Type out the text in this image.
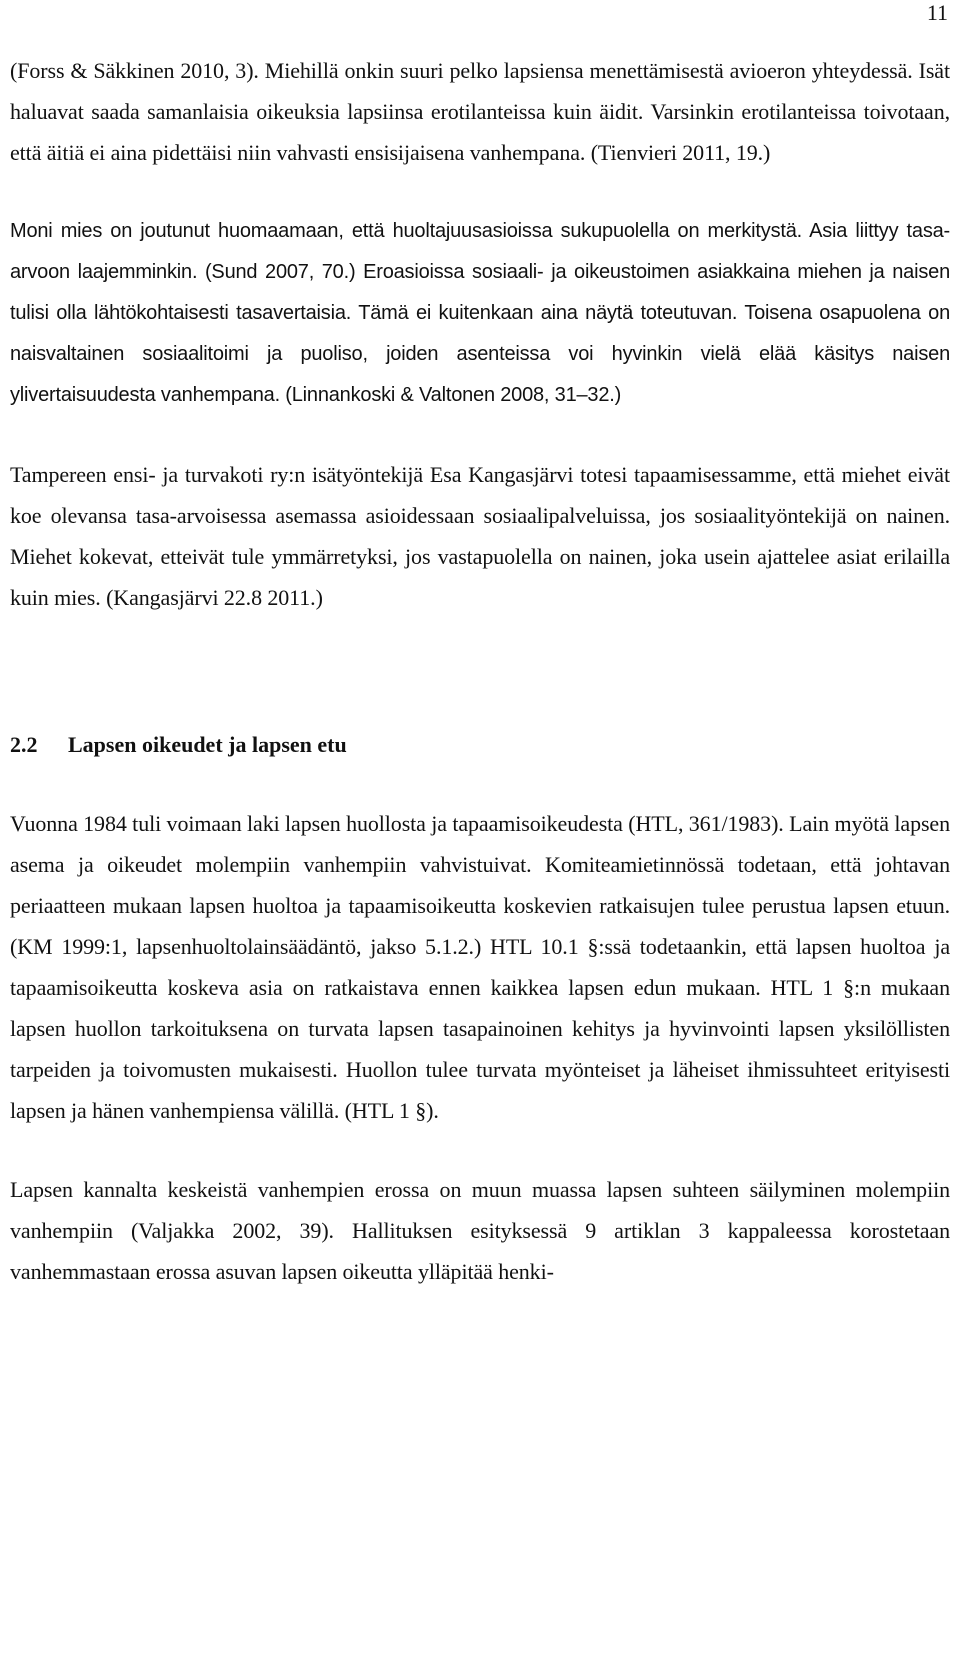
11

(Forss & Säkkinen 2010, 3). Miehillä onkin suuri pelko lapsiensa menettämisestä avioeron yhteydessä. Isät haluavat saada samanlaisia oikeuksia lapsiinsa erotilanteissa kuin äidit. Varsinkin erotilanteissa toivotaan, että äitiä ei aina pidettäisi niin vahvasti ensisijaisena vanhempana. (Tienvieri 2011, 19.)

Moni mies on joutunut huomaamaan, että huoltajuusasioissa sukupuolella on merkitystä. Asia liittyy tasa-arvoon laajemminkin. (Sund 2007, 70.) Eroasioissa sosiaali- ja oikeustoimen asiakkaina miehen ja naisen tulisi olla lähtökohtaisesti tasavertaisia. Tämä ei kuitenkaan aina näytä toteutuvan. Toisena osapuolena on naisvaltainen sosiaalitoimi ja puoliso, joiden asenteissa voi hyvinkin vielä elää käsitys naisen ylivertaisuudesta vanhempana. (Linnankoski & Valtonen 2008, 31–32.)

Tampereen ensi- ja turvakoti ry:n isätyöntekijä Esa Kangasjärvi totesi tapaamisessamme, että miehet eivät koe olevansa tasa-arvoisessa asemassa asioidessaan sosiaalipalveluissa, jos sosiaalityöntekijä on nainen. Miehet kokevat, etteivät tule ymmärretyksi, jos vastapuolella on nainen, joka usein ajattelee asiat erilailla kuin mies. (Kangasjärvi 22.8 2011.)

2.2 Lapsen oikeudet ja lapsen etu

Vuonna 1984 tuli voimaan laki lapsen huollosta ja tapaamisoikeudesta (HTL, 361/1983). Lain myötä lapsen asema ja oikeudet molempiin vanhempiin vahvistuivat. Komiteamietinnössä todetaan, että johtavan periaatteen mukaan lapsen huoltoa ja tapaamisoikeutta koskevien ratkaisujen tulee perustua lapsen etuun. (KM 1999:1, lapsenhuoltolainsäädäntö, jakso 5.1.2.) HTL 10.1 §:ssä todetaankin, että lapsen huoltoa ja tapaamisoikeutta koskeva asia on ratkaistava ennen kaikkea lapsen edun mukaan. HTL 1 §:n mukaan lapsen huollon tarkoituksena on turvata lapsen tasapainoinen kehitys ja hyvinvointi lapsen yksilöllisten tarpeiden ja toivomusten mukaisesti. Huollon tulee turvata myönteiset ja läheiset ihmissuhteet erityisesti lapsen ja hänen vanhempiensa välillä. (HTL 1 §).

Lapsen kannalta keskeistä vanhempien erossa on muun muassa lapsen suhteen säilyminen molempiin vanhempiin (Valjakka 2002, 39). Hallituksen esityksessä 9 artiklan 3 kappaleessa korostetaan vanhemmastaan erossa asuvan lapsen oikeutta ylläpitää henki-
